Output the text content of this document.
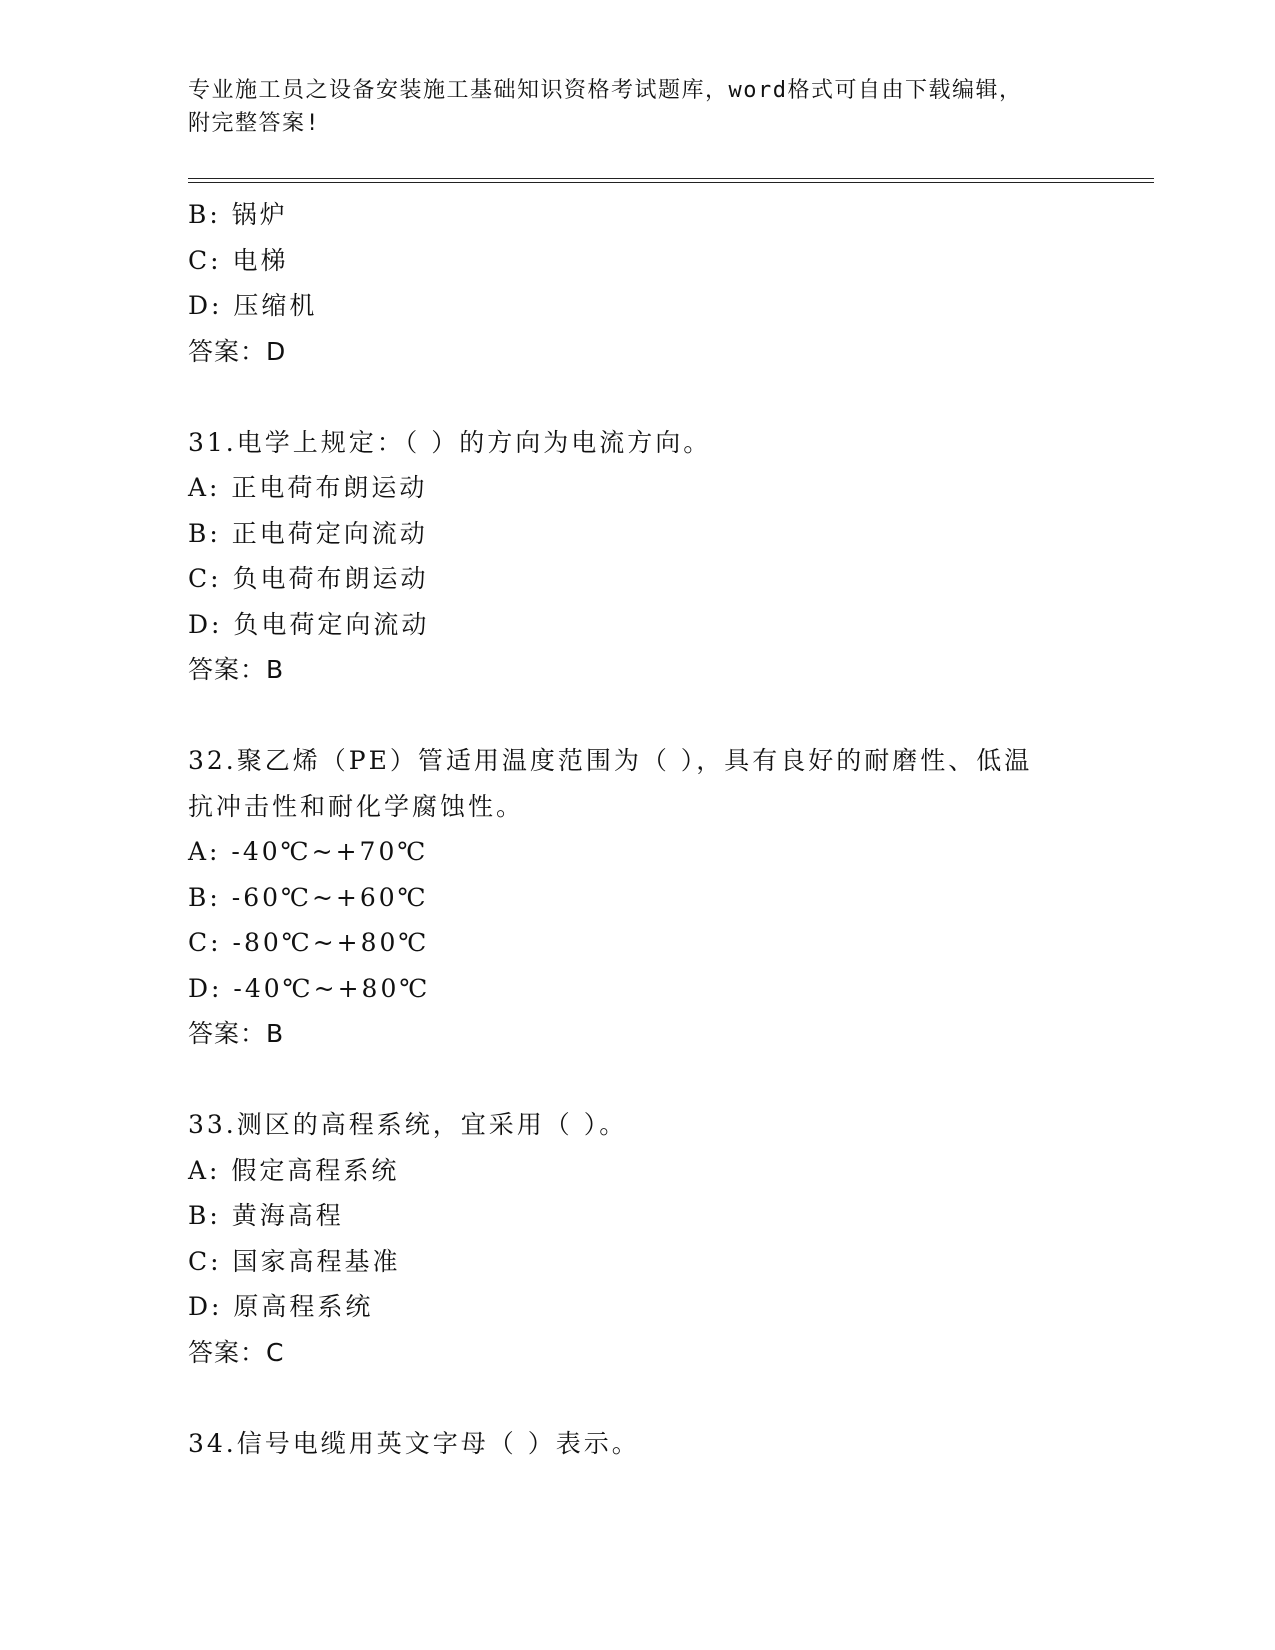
专业施工员之设备安装施工基础知识资格考试题库，word格式可自由下载编辑，
附完整答案!
B: 锅炉
C: 电梯
D: 压缩机
答案：D
31.电学上规定：（ ）的方向为电流方向。
A: 正电荷布朗运动
B: 正电荷定向流动
C: 负电荷布朗运动
D: 负电荷定向流动
答案：B
32.聚乙烯（PE）管适用温度范围为（ ），具有良好的耐磨性、低温
抗冲击性和耐化学腐蚀性。
A: -40℃~+70℃
B: -60℃~+60℃
C: -80℃~+80℃
D: -40℃~+80℃
答案：B
33.测区的高程系统，宜采用（ ）。
A: 假定高程系统
B: 黄海高程
C: 国家高程基准
D: 原高程系统
答案：C
34.信号电缆用英文字母（ ）表示。
